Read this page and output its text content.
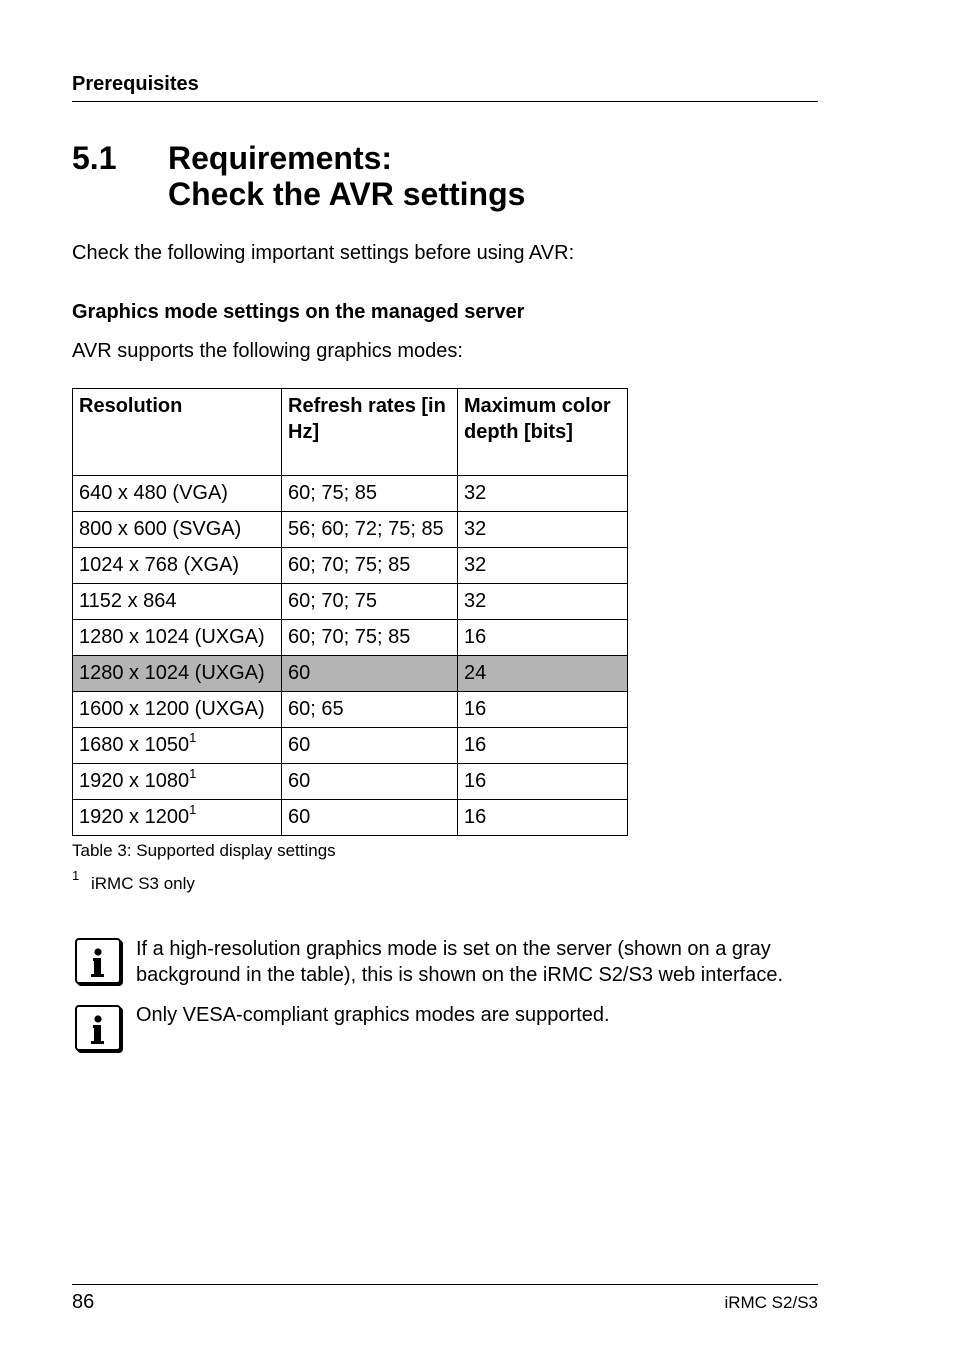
Prerequisites
5.1 Requirements:
Check the AVR settings
Check the following important settings before using AVR:
Graphics mode settings on the managed server
AVR supports the following graphics modes:
Resolution	Refresh rates [in Hz]	Maximum color depth [bits]
640 x 480 (VGA)	60; 75; 85	32
800 x 600 (SVGA)	56; 60; 72; 75; 85	32
1024 x 768 (XGA)	60; 70; 75; 85	32
1152 x 864	60; 70; 75	32
1280 x 1024 (UXGA)	60; 70; 75; 85	16
1280 x 1024 (UXGA)	60	24
1600 x 1200 (UXGA)	60; 65	16
1680 x 1050$^1$	60	16
1920 x 1080$^1$	60	16
1920 x 1200$^1$	60	16
Table 3: Supported display settings
1 iRMC S3 only
If a high-resolution graphics mode is set on the server (shown on a gray
background in the table), this is shown on the iRMC S2/S3 web interface.
Only VESA-compliant graphics modes are supported.
86	iRMC S2/S3
